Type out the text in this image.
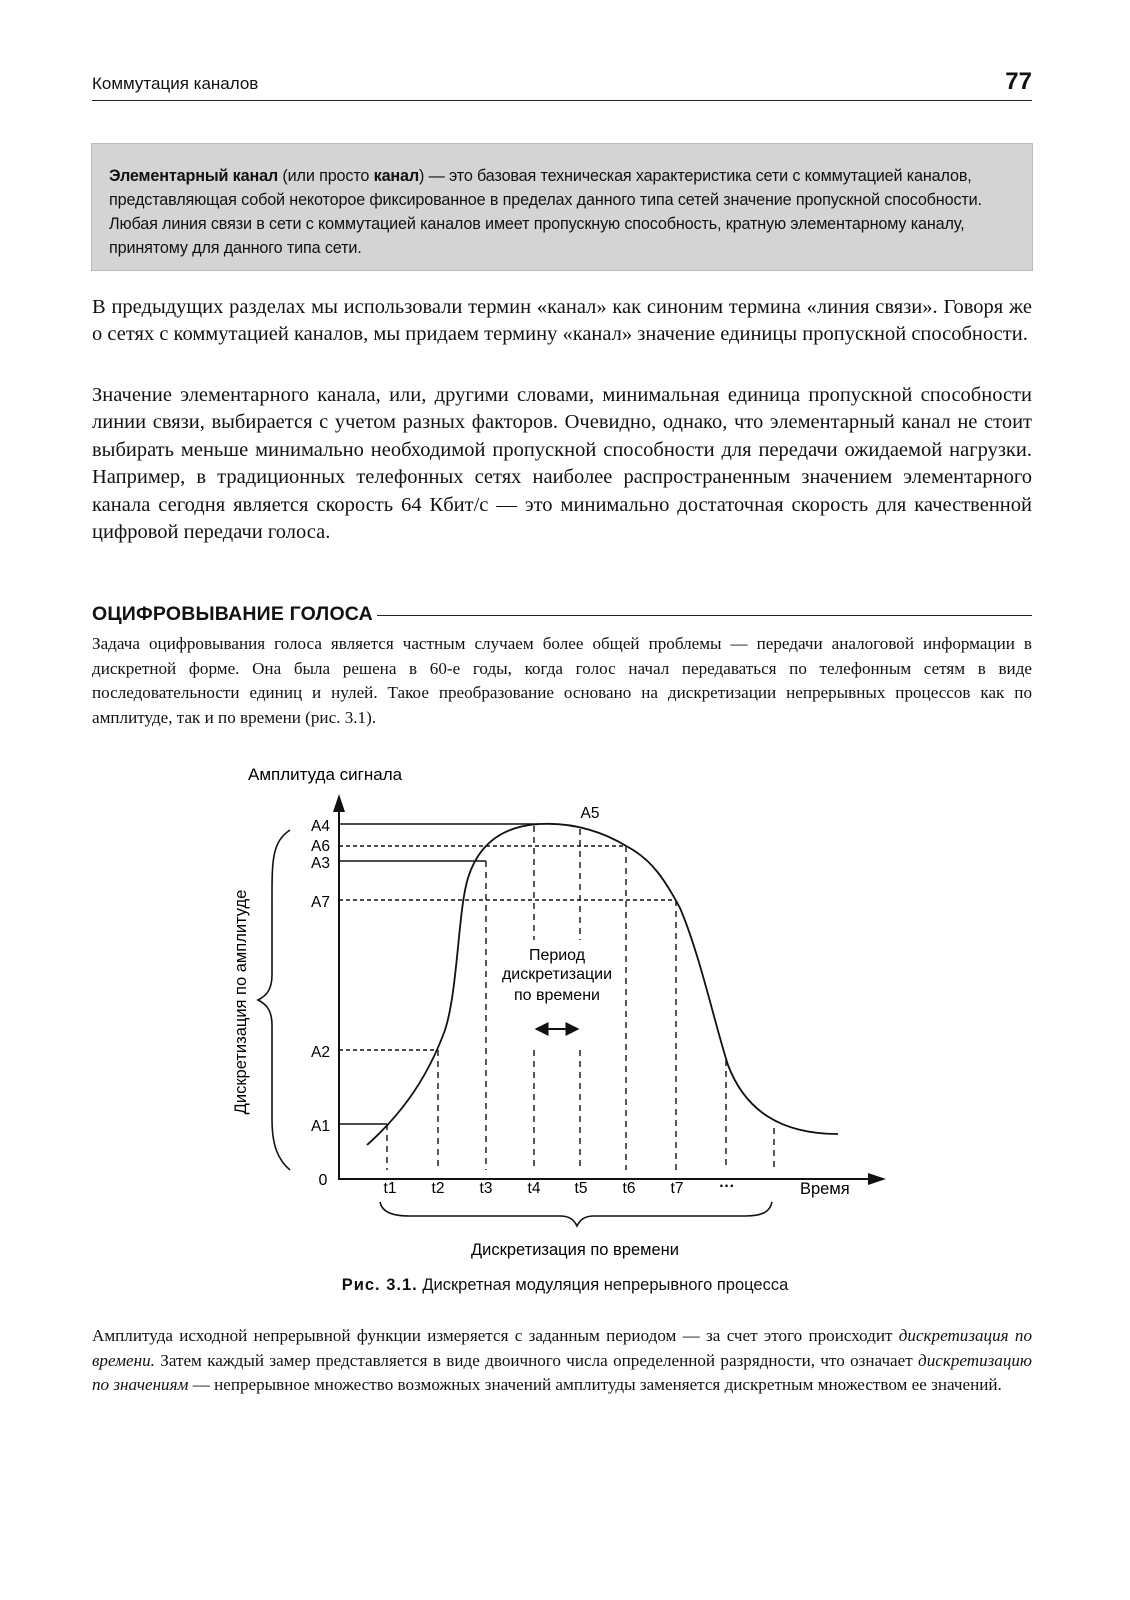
Коммутация каналов	77
Элементарный канал (или просто канал) — это базовая техническая характеристика сети с коммутацией каналов, представляющая собой некоторое фиксированное в пределах данного типа сетей значение пропускной способности. Любая линия связи в сети с коммутацией каналов имеет пропускную способность, кратную элементарному каналу, принятому для данного типа сети.

В предыдущих разделах мы использовали термин «канал» как синоним термина «линия связи». Говоря же о сетях с коммутацией каналов, мы придаем термину «канал» значение единицы пропускной способности.

Значение элементарного канала, или, другими словами, минимальная единица пропускной способности линии связи, выбирается с учетом разных факторов. Очевидно, однако, что элементарный канал не стоит выбирать меньше минимально необходимой пропускной способности для передачи ожидаемой нагрузки. Например, в традиционных телефонных сетях наиболее распространенным значением элементарного канала сегодня является скорость 64 Кбит/с — это минимально достаточная скорость для качественной цифровой передачи голоса.

ОЦИФРОВЫВАНИЕ ГОЛОСА

Задача оцифровывания голоса является частным случаем более общей проблемы — передачи аналоговой информации в дискретной форме. Она была решена в 60-е годы, когда голос начал передаваться по телефонным сетям в виде последовательности единиц и нулей. Такое преобразование основано на дискретизации непрерывных процессов как по амплитуде, так и по времени (рис. 3.1).

Амплитуда сигнала
0
A4
A6
A3
A7
A2
A1
A5
Дискретизация по амплитуде	Период
дискретизации
по времени
t1 t2 t3 t4 t5 t6 t7 ···	Время
Дискретизация по времени
Рис. 3.1. Дискретная модуляция непрерывного процесса

Амплитуда исходной непрерывной функции измеряется с заданным периодом — за счет этого происходит дискретизация по времени. Затем каждый замер представляется в виде двоичного числа определенной разрядности, что означает дискретизацию по значениям — непрерывное множество возможных значений амплитуды заменяется дискретным множеством ее значений.
